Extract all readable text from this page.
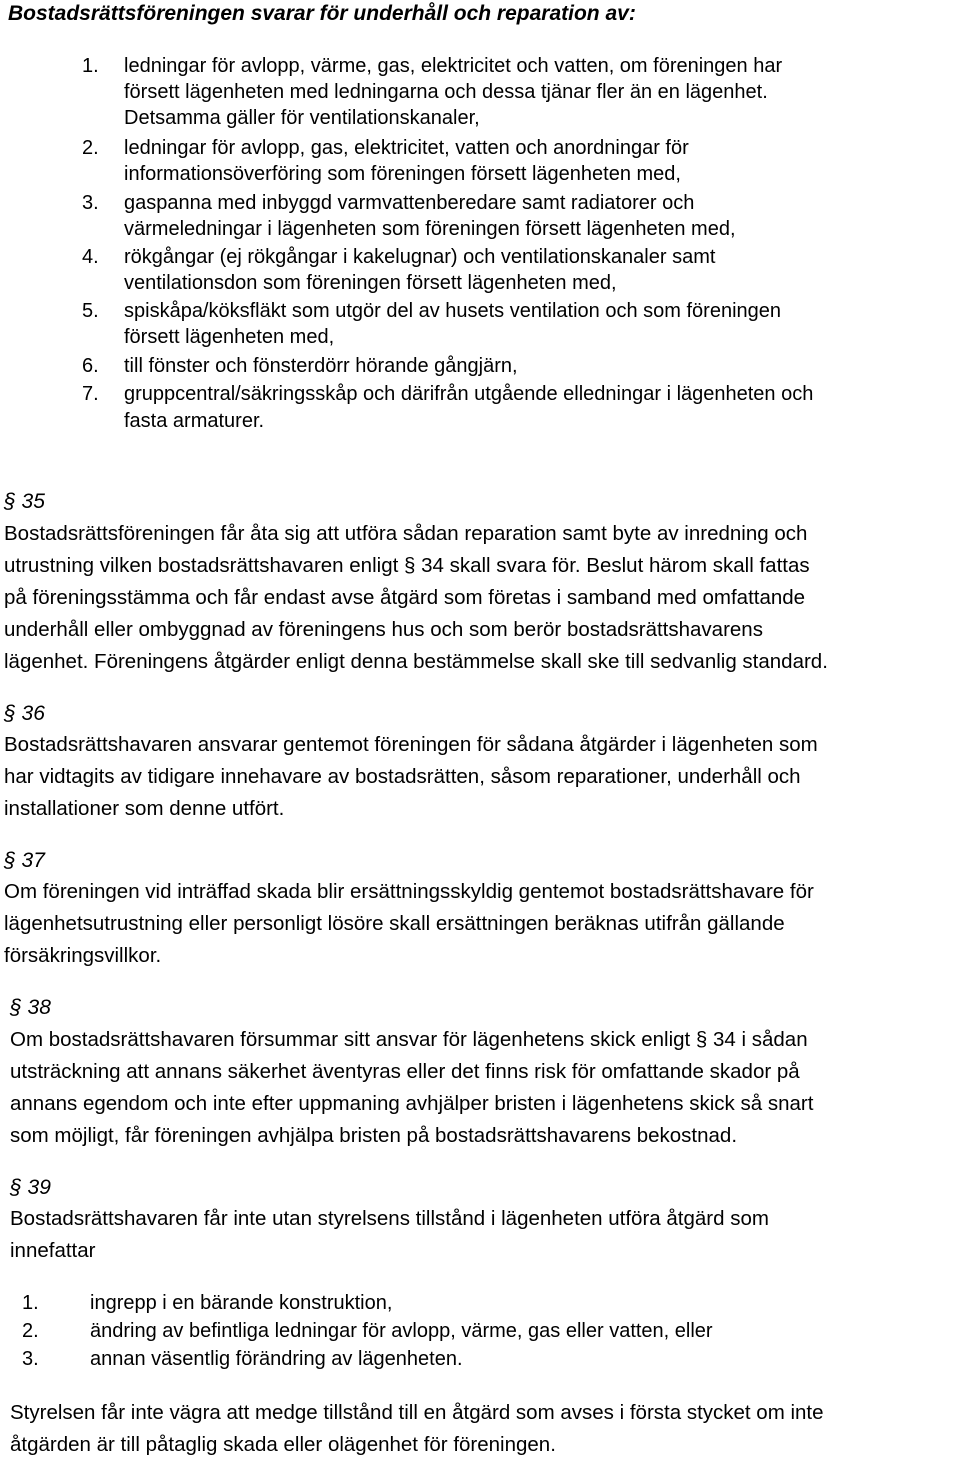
Bostadsrättsföreningen svarar för underhåll och reparation av:
1. ledningar för avlopp, värme, gas, elektricitet och vatten, om föreningen har
försett lägenheten med ledningarna och dessa tjänar fler än en lägenhet.
Detsamma gäller för ventilationskanaler,
2. ledningar för avlopp, gas, elektricitet, vatten och anordningar för
informationsöverföring som föreningen försett lägenheten med,
3. gaspanna med inbyggd varmvattenberedare samt radiatorer och
värmeledningar i lägenheten som föreningen försett lägenheten med,
4. rökgångar (ej rökgångar i kakelugnar) och ventilationskanaler samt
ventilationsdon som föreningen försett lägenheten med,
5. spiskåpa/köksfläkt som utgör del av husets ventilation och som föreningen
försett lägenheten med,
6. till fönster och fönsterdörr hörande gångjärn,
7. gruppcentral/säkringsskåp och därifrån utgående elledningar i lägenheten och
fasta armaturer.
§ 35
Bostadsrättsföreningen får åta sig att utföra sådan reparation samt byte av inredning och
utrustning vilken bostadsrättshavaren enligt § 34 skall svara för. Beslut härom skall fattas
på föreningsstämma och får endast avse åtgärd som företas i samband med omfattande
underhåll eller ombyggnad av föreningens hus och som berör bostadsrättshavarens
lägenhet. Föreningens åtgärder enligt denna bestämmelse skall ske till sedvanlig standard.
§ 36
Bostadsrättshavaren ansvarar gentemot föreningen för sådana åtgärder i lägenheten som
har vidtagits av tidigare innehavare av bostadsrätten, såsom reparationer, underhåll och
installationer som denne utfört.
§ 37
Om föreningen vid inträffad skada blir ersättningsskyldig gentemot bostadsrättshavare för
lägenhetsutrustning eller personligt lösöre skall ersättningen beräknas utifrån gällande
försäkringsvillkor.
§ 38
Om bostadsrättshavaren försummar sitt ansvar för lägenhetens skick enligt § 34 i sådan
utsträckning att annans säkerhet äventyras eller det finns risk för omfattande skador på
annans egendom och inte efter uppmaning avhjälper bristen i lägenhetens skick så snart
som möjligt, får föreningen avhjälpa bristen på bostadsrättshavarens bekostnad.
§ 39
Bostadsrättshavaren får inte utan styrelsens tillstånd i lägenheten utföra åtgärd som
innefattar
1.	ingrepp i en bärande konstruktion,
2.	ändring av befintliga ledningar för avlopp, värme, gas eller vatten, eller
3.	annan väsentlig förändring av lägenheten.
Styrelsen får inte vägra att medge tillstånd till en åtgärd som avses i första stycket om inte
åtgärden är till påtaglig skada eller olägenhet för föreningen.
